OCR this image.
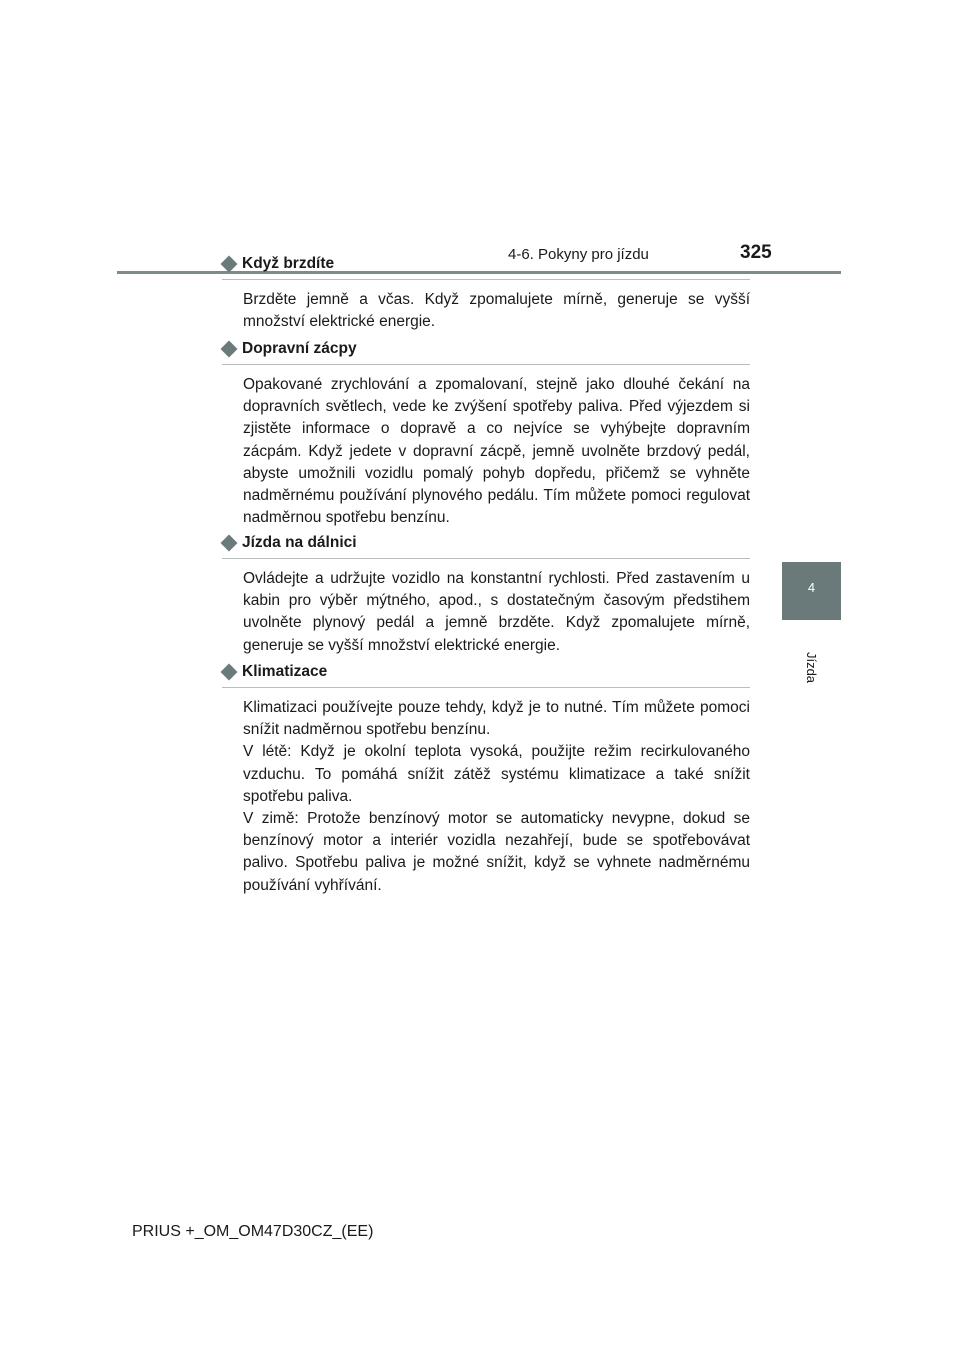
4-6. Pokyny pro jízdu	325
4
Jízda
Když brzdíte

Brzděte jemně a včas. Když zpomalujete mírně, generuje se vyšší množství elektrické energie.

Dopravní zácpy

Opakované zrychlování a zpomalovaní, stejně jako dlouhé čekání na dopravních světlech, vede ke zvýšení spotřeby paliva. Před výjezdem si zjistěte informace o dopravě a co nejvíce se vyhýbejte dopravním zácpám. Když jedete v dopravní zácpě, jemně uvolněte brzdový pedál, abyste umožnili vozidlu pomalý pohyb dopředu, přičemž se vyhněte nadměrnému používání plynového pedálu. Tím můžete pomoci regulovat nadměrnou spotřebu benzínu.

Jízda na dálnici

Ovládejte a udržujte vozidlo na konstantní rychlosti. Před zastavením u kabin pro výběr mýtného, apod., s dostatečným časovým předstihem uvolněte plynový pedál a jemně brzděte. Když zpomalujete mírně, generuje se vyšší množství elektrické energie.

Klimatizace

Klimatizaci používejte pouze tehdy, když je to nutné. Tím můžete pomoci snížit nadměrnou spotřebu benzínu.

V létě: Když je okolní teplota vysoká, použijte režim recirkulovaného vzduchu. To pomáhá snížit zátěž systému klimatizace a také snížit spotřebu paliva.

V zimě: Protože benzínový motor se automaticky nevypne, dokud se benzínový motor a interiér vozidla nezahřejí, bude se spotřebovávat palivo. Spotřebu paliva je možné snížit, když se vyhnete nadměrnému používání vyhřívání.

PRIUS +_OM_OM47D30CZ_(EE)
